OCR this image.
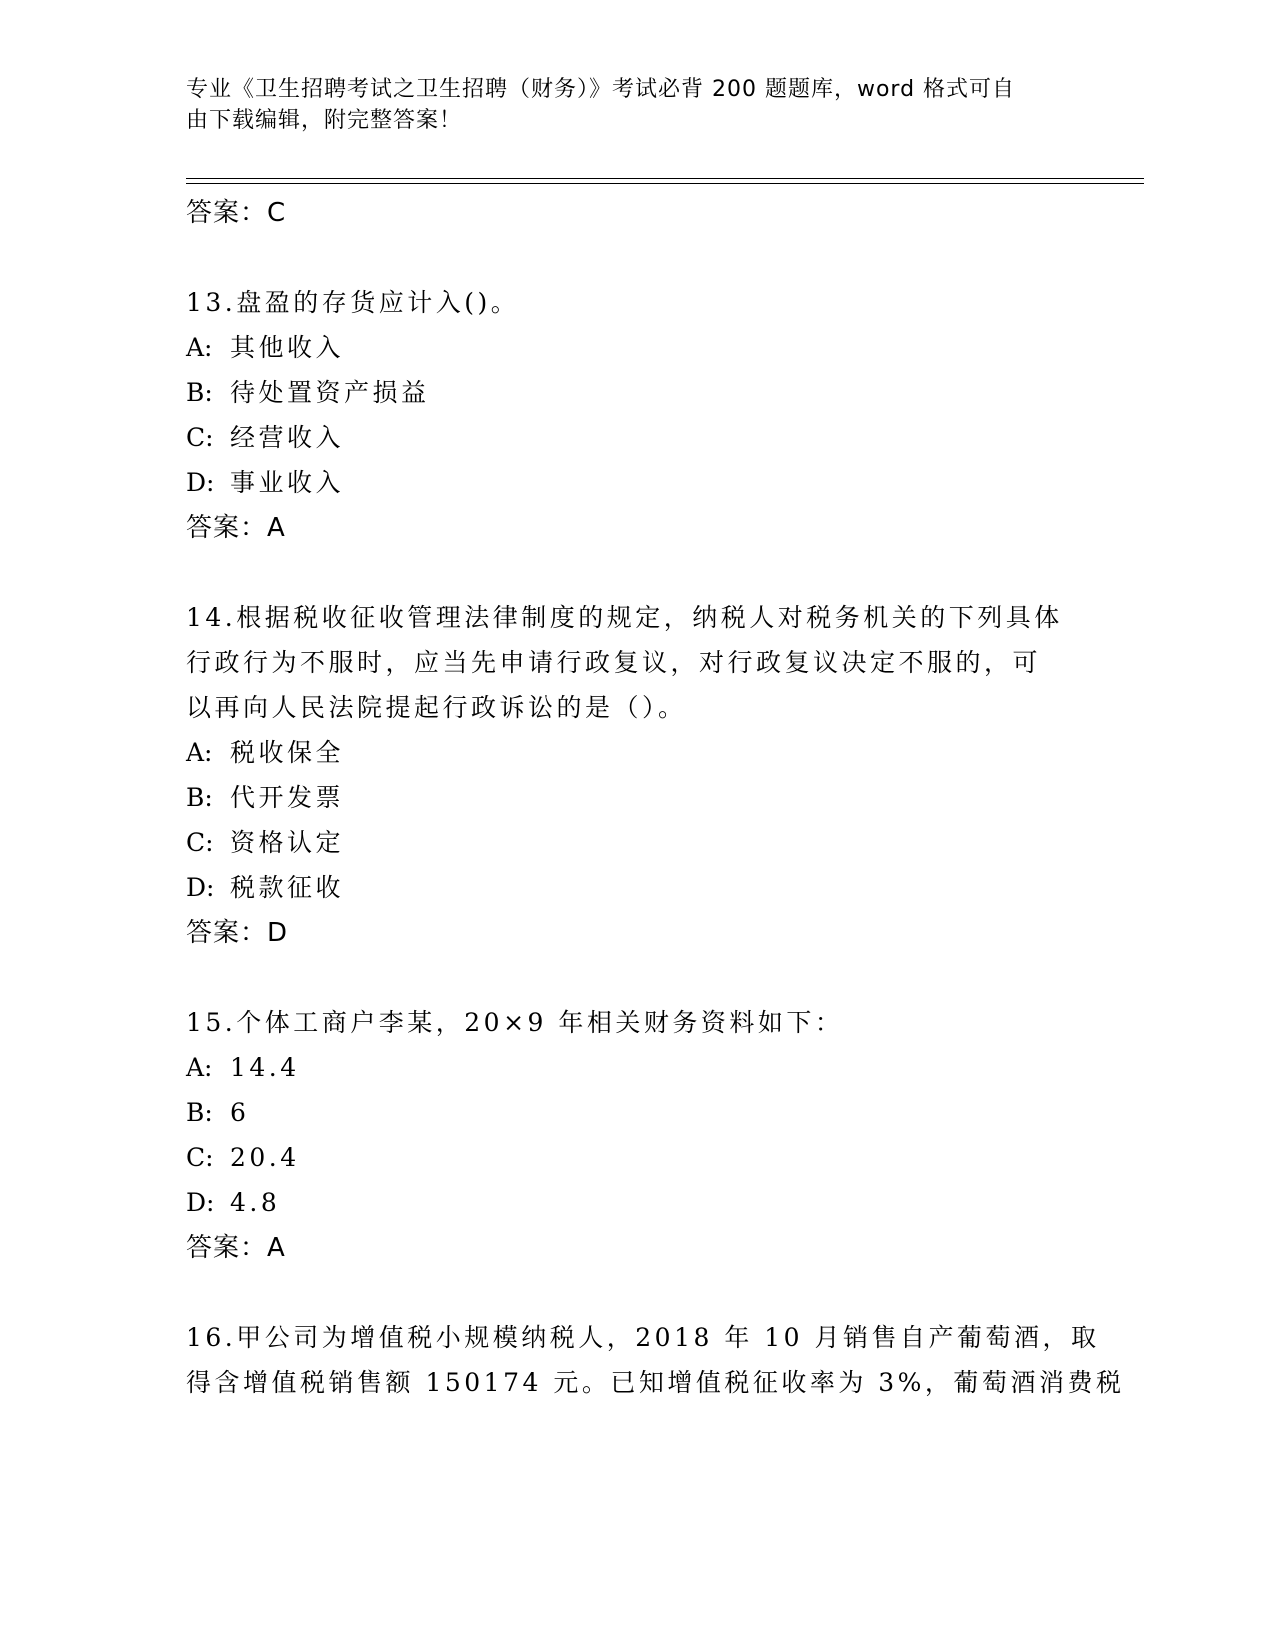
专业《卫生招聘考试之卫生招聘（财务）》考试必背 200 题题库，word 格式可自
由下载编辑，附完整答案！
答案：C
13.盘盈的存货应计入()。
A: 其他收入
B: 待处置资产损益
C: 经营收入
D: 事业收入
答案：A
14.根据税收征收管理法律制度的规定，纳税人对税务机关的下列具体
行政行为不服时，应当先申请行政复议，对行政复议决定不服的，可
以再向人民法院提起行政诉讼的是（）。
A: 税收保全
B: 代开发票
C: 资格认定
D: 税款征收
答案：D
15.个体工商户李某，20×9 年相关财务资料如下：
A: 14.4
B: 6
C: 20.4
D: 4.8
答案：A
16.甲公司为增值税小规模纳税人，2018 年 10 月销售自产葡萄酒，取
得含增值税销售额 150174 元。已知增值税征收率为 3%，葡萄酒消费税
